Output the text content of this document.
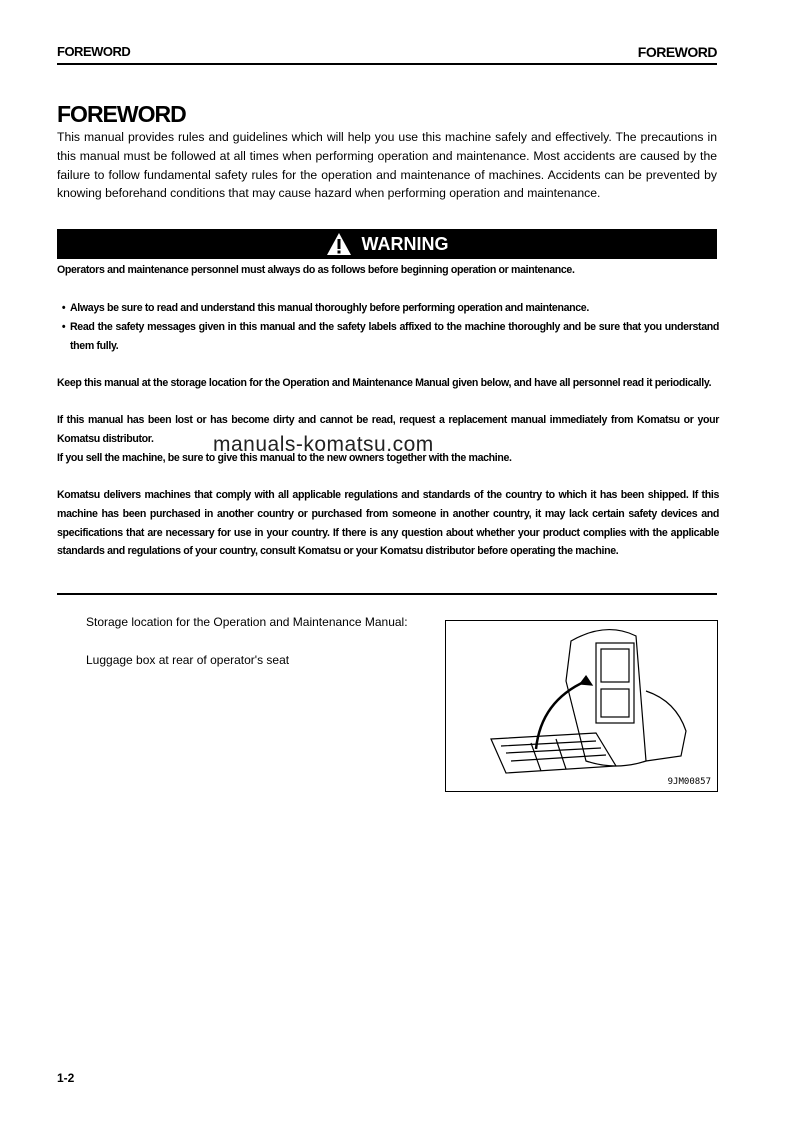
FOREWORD	FOREWORD
FOREWORD
This manual provides rules and guidelines which will help you use this machine safely and effectively. The precautions in this manual must be followed at all times when performing operation and maintenance. Most accidents are caused by the failure to follow fundamental safety rules for the operation and maintenance of machines. Accidents can be prevented by knowing beforehand conditions that may cause hazard when performing operation and maintenance.
WARNING
Operators and maintenance personnel must always do as follows before beginning operation or maintenance.
• Always be sure to read and understand this manual thoroughly before performing operation and maintenance.
• Read the safety messages given in this manual and the safety labels affixed to the machine thoroughly and be sure that you understand them fully.
Keep this manual at the storage location for the Operation and Maintenance Manual given below, and have all personnel read it periodically.
If this manual has been lost or has become dirty and cannot be read, request a replacement manual immediately from Komatsu or your Komatsu distributor.
If you sell the machine, be sure to give this manual to the new owners together with the machine.
Komatsu delivers machines that comply with all applicable regulations and standards of the country to which it has been shipped. If this machine has been purchased in another country or purchased from someone in another country, it may lack certain safety devices and specifications that are necessary for use in your country. If there is any question about whether your product complies with the applicable standards and regulations of your country, consult Komatsu or your Komatsu distributor before operating the machine.
manuals-komatsu.com
Storage location for the Operation and Maintenance Manual:
Luggage box at rear of operator's seat
9JM00857
1-2
